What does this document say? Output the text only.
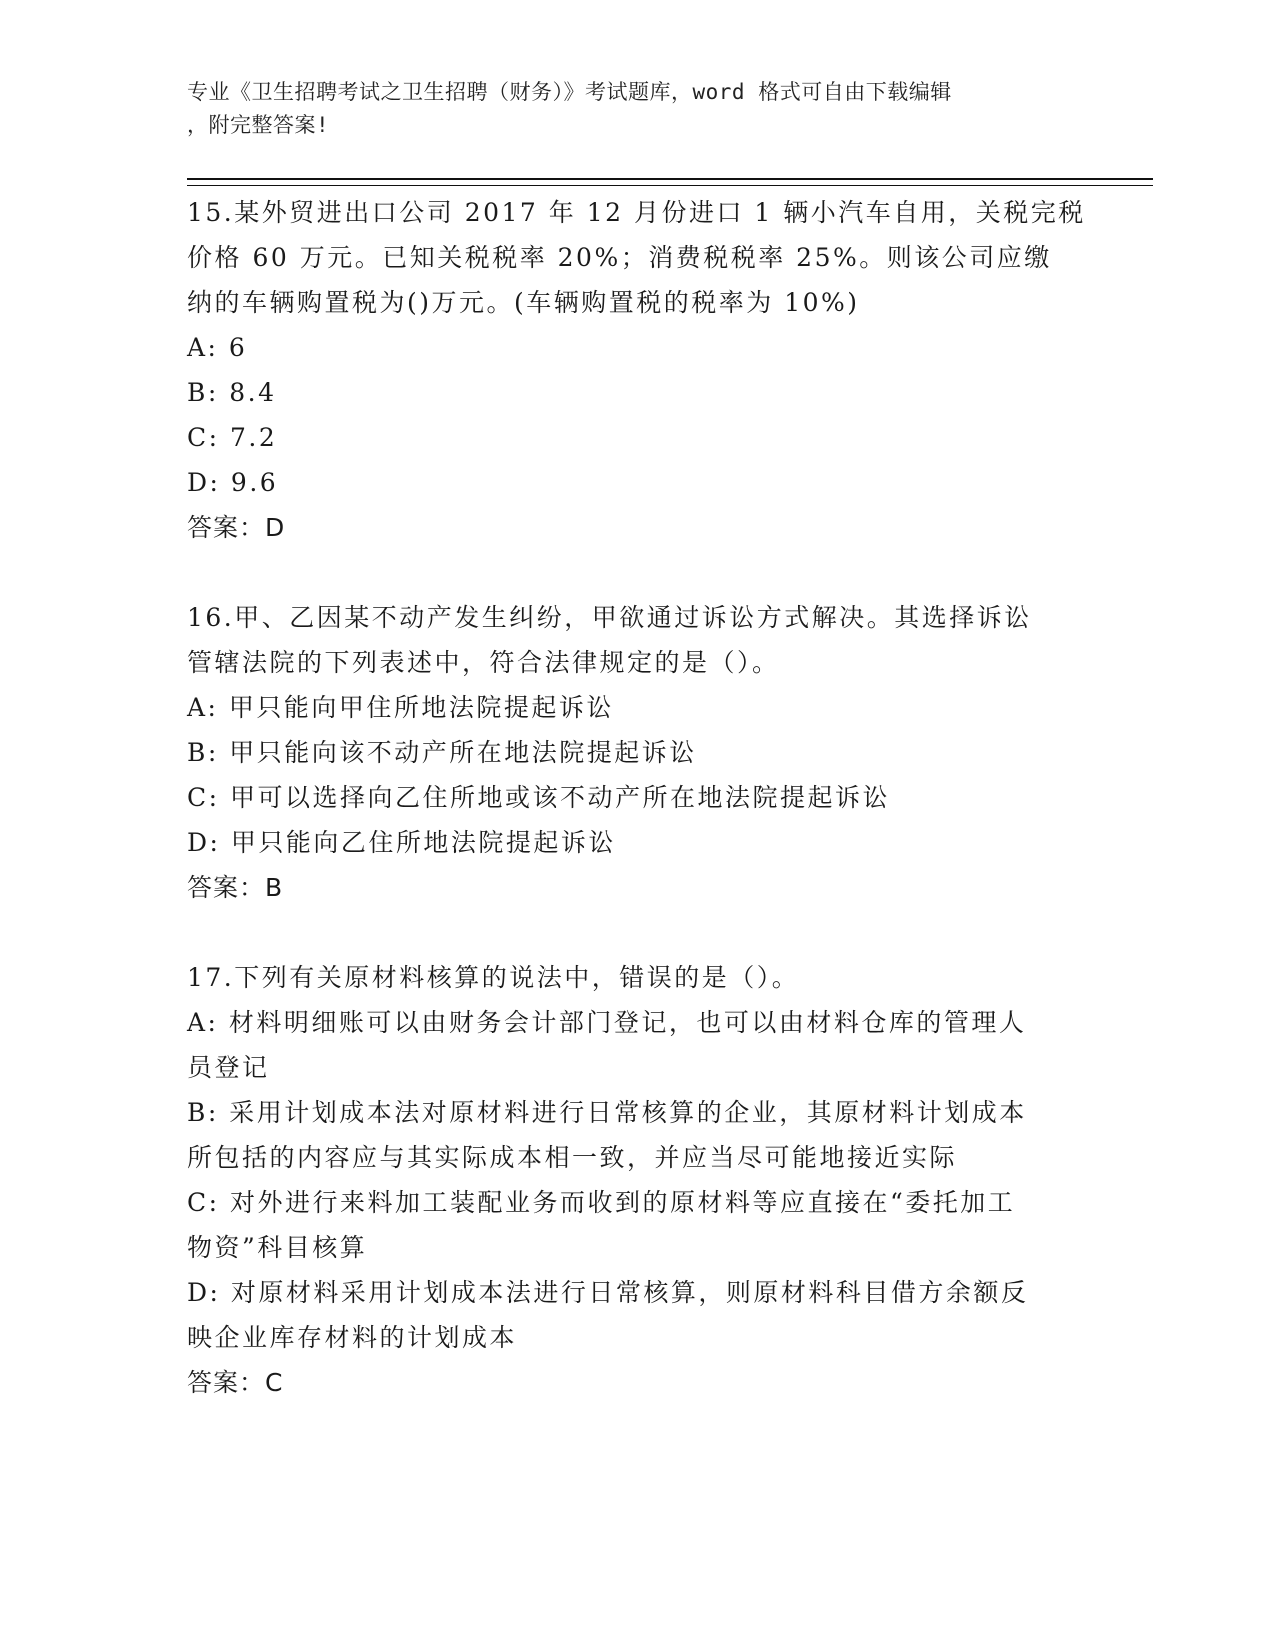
专业《卫生招聘考试之卫生招聘（财务）》考试题库，word 格式可自由下载编辑
，附完整答案!

15.某外贸进出口公司 2017 年 12 月份进口 1 辆小汽车自用，关税完税

价格 60 万元。已知关税税率 20%；消费税税率 25%。则该公司应缴

纳的车辆购置税为()万元。(车辆购置税的税率为 10%)

A: 6

B: 8.4

C: 7.2

D: 9.6

答案：D

16.甲、乙因某不动产发生纠纷，甲欲通过诉讼方式解决。其选择诉讼

管辖法院的下列表述中，符合法律规定的是（）。

A: 甲只能向甲住所地法院提起诉讼

B: 甲只能向该不动产所在地法院提起诉讼

C: 甲可以选择向乙住所地或该不动产所在地法院提起诉讼

D: 甲只能向乙住所地法院提起诉讼

答案：B

17.下列有关原材料核算的说法中，错误的是（）。

A: 材料明细账可以由财务会计部门登记，也可以由材料仓库的管理人

员登记

B: 采用计划成本法对原材料进行日常核算的企业，其原材料计划成本

所包括的内容应与其实际成本相一致，并应当尽可能地接近实际

C: 对外进行来料加工装配业务而收到的原材料等应直接在“委托加工

物资”科目核算

D: 对原材料采用计划成本法进行日常核算，则原材料科目借方余额反

映企业库存材料的计划成本

答案：C
